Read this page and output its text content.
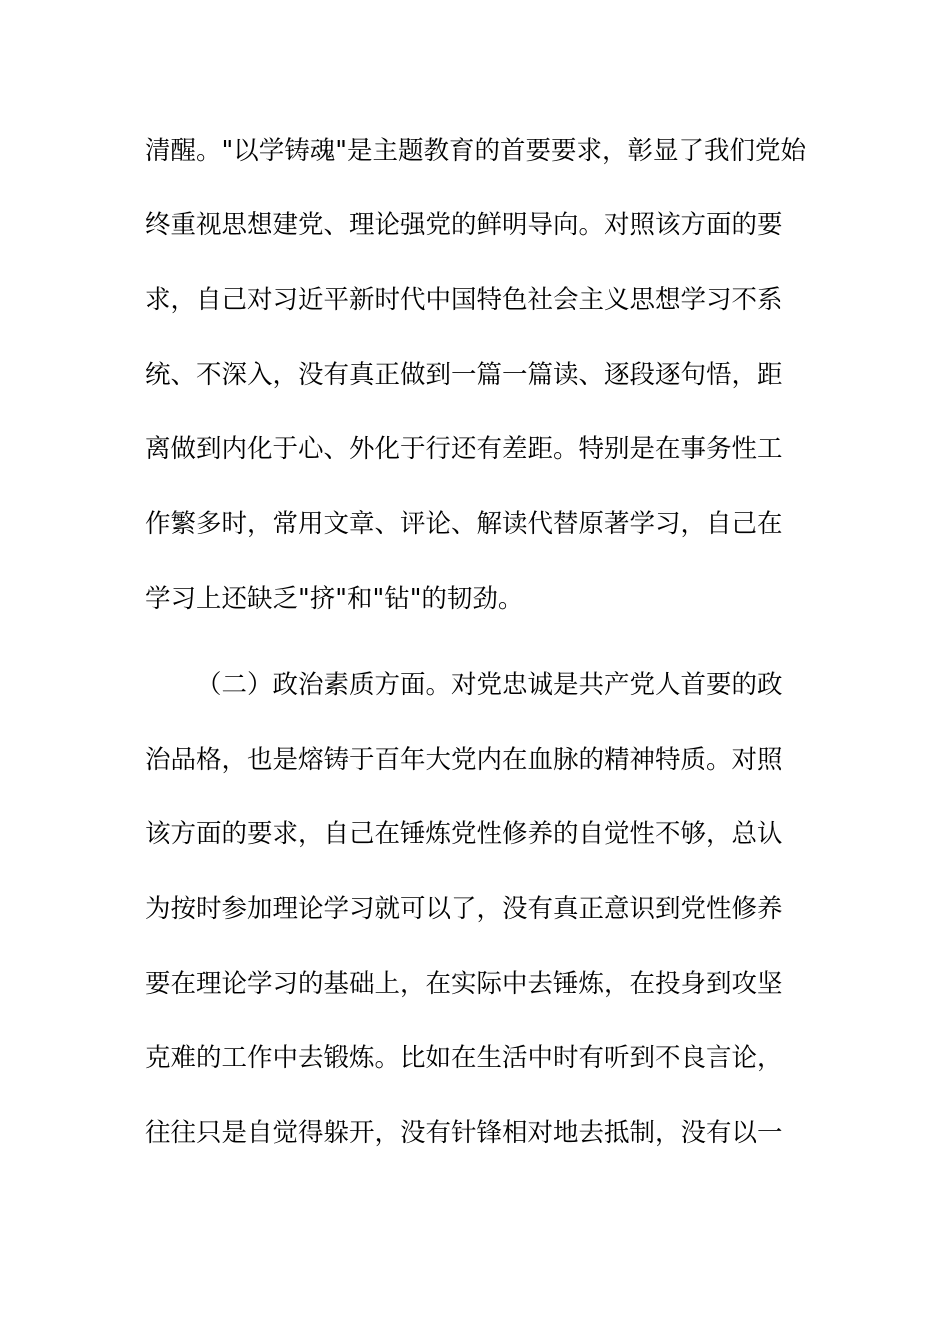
清醒。"以学铸魂"是主题教育的首要要求，彰显了我们党始
终重视思想建党、理论强党的鲜明导向。对照该方面的要
求，自己对习近平新时代中国特色社会主义思想学习不系
统、不深入，没有真正做到一篇一篇读、逐段逐句悟，距
离做到内化于心、外化于行还有差距。特别是在事务性工
作繁多时，常用文章、评论、解读代替原著学习，自己在
学习上还缺乏"挤"和"钻"的韧劲。
（二）政治素质方面。对党忠诚是共产党人首要的政
治品格，也是熔铸于百年大党内在血脉的精神特质。对照
该方面的要求，自己在锤炼党性修养的自觉性不够，总认
为按时参加理论学习就可以了，没有真正意识到党性修养
要在理论学习的基础上，在实际中去锤炼，在投身到攻坚
克难的工作中去锻炼。比如在生活中时有听到不良言论，
往往只是自觉得躲开，没有针锋相对地去抵制，没有以一
